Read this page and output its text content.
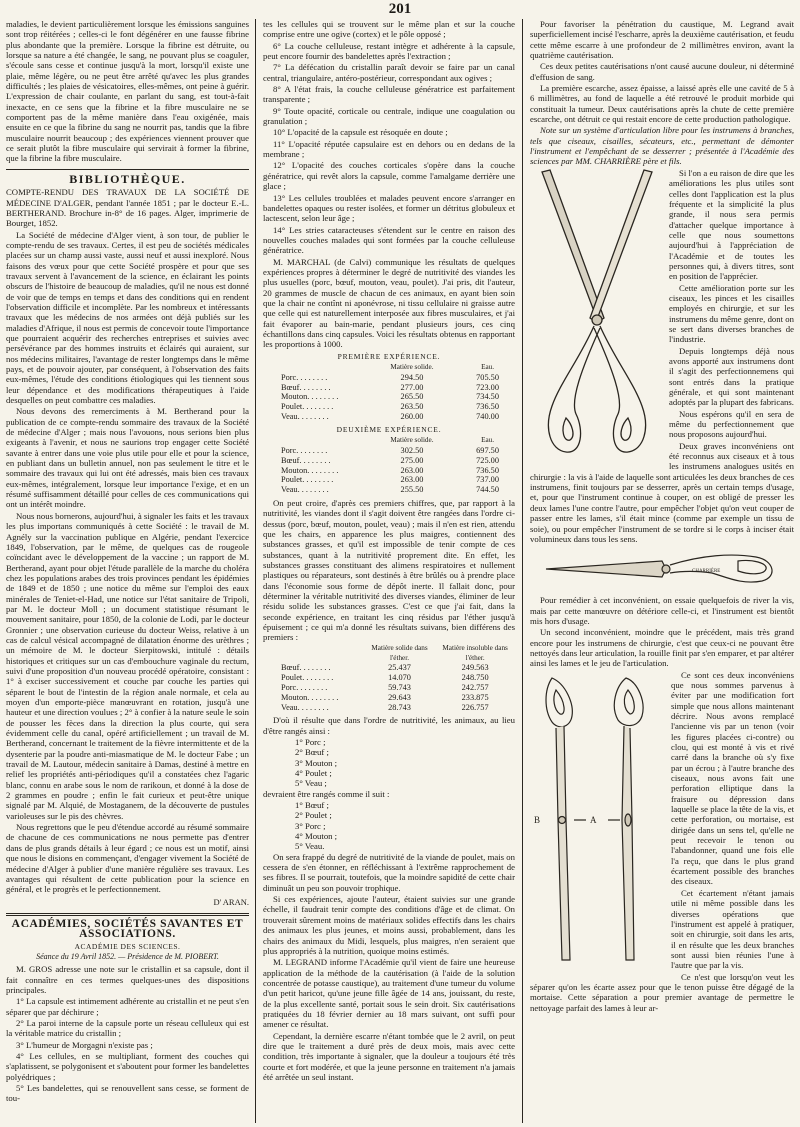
201

maladies, le devient particulièrement lorsque les émissions sanguines sont trop réitérées ; celles-ci le font dégénérer en une fausse fibrine plus abondante que la première. Lorsque la fibrine est détruite, ou lorsque sa nature a été changée, le sang, ne pouvant plus se coaguler, s'écoule sans cesse et continue jusqu'à la mort, lorsqu'il existe une plaie, même légère, ou ne peut être arrêté qu'avec les plus grandes difficultés ; les plaies de vésicatoires, elles-mêmes, ont peine à guérir. L'expression de chair coulante, en parlant du sang, est tout-à-fait inexacte, en ce sens que la fibrine et la fibre musculaire ne se comportent pas de la même manière dans l'eau oxigénée, mais ensuite en ce que la fibrine du sang ne nourrit pas, tandis que la fibre musculaire nourrit beaucoup ; des expériences viennent prouver que ce serait plutôt la fibre musculaire qui servirait à former la fibrine, que la fibrine la fibre musculaire.

BIBLIOTHÈQUE.

COMPTE-RENDU DES TRAVAUX DE LA SOCIÉTÉ DE MÉDECINE D'ALGER, pendant l'année 1851 ; par le docteur E.-L. BERTHERAND. Brochure in-8° de 16 pages. Alger, imprimerie de Bourget, 1852.

La Société de médecine d'Alger vient, à son tour, de publier le compte-rendu de ses travaux. Certes, il est peu de sociétés médicales placées sur un champ aussi vaste, aussi neuf et aussi inexploré. Nous faisons des vœux pour que cette Société prospère et pour que ses travaux servent à l'avancement de la science, en éclairant les points obscurs de l'histoire de beaucoup de maladies, qu'il ne nous est donné de voir que de temps en temps et dans des conditions qui en rendent l'observation difficile et incomplète. Par les nombreux et intéressants travaux que les médecins de nos armées ont déjà publiés sur les maladies d'Afrique, il nous est permis de concevoir toute l'importance que pourraient acquérir des recherches entreprises et suivies avec persévérance par des hommes instruits et éclairés qui auraient, sur nos médecins militaires, l'avantage de rester longtemps dans le même pays, et de pouvoir ajouter, par conséquent, à l'observation des faits eux-mêmes, l'étude des conditions étiologiques qui les tiennent sous leur dépendance et des modifications thérapeutiques à l'aide desquelles on peut combattre ces maladies.

Nous devons des remerciments à M. Bertherand pour la publication de ce compte-rendu sommaire des travaux de la Société de médecine d'Alger ; mais nous l'avouons, nous serions bien plus exigeants à l'avenir, et nous ne saurions trop engager cette Société savante à entrer dans une voie plus utile pour elle et pour la science, en publiant dans un bulletin annuel, non pas seulement le titre et le sommaire des travaux qui lui ont été adressés, mais bien ces travaux eux-mêmes, intégralement, lorsque leur importance l'exige, et en un résumé suffisamment détaillé pour celles de ces communications qui ont un intérêt moindre.

Nous nous bornerons, aujourd'hui, à signaler les faits et les travaux les plus importans communiqués à cette Société : le travail de M. Agnély sur la vaccination publique en Algérie, pendant l'exercice 1849, l'observation, par le même, de quelques cas de rougeole coïncidant avec le développement de la vaccine ; un rapport de M. Bertherand, ayant pour objet l'étude parallèle de la marche du choléra chez les populations arabes des trois provinces pendant les épidémies de 1849 et de 1850 ; une notice du même sur l'emploi des eaux minérales de Teniet-el-Had, une notice sur l'état sanitaire de Tripoli, par M. le docteur Moll ; un document statistique résumant le mouvement sanitaire, pour 1850, de la colonie de Lodi, par le docteur Gronnier ; une observation curieuse du docteur Weiss, relative à un cas de calcul vésical accompagné de dilatation énorme des urèthres ; un mémoire de M. le docteur Sierpitowski, intitulé : détails historiques et critiques sur un cas d'embouchure vaginale du rectum, suivi d'une proposition d'un nouveau procédé opératoire, consistant : 1° à exciser successivement et couche par couche les parties qui séparent le bout de l'intestin de la région anale normale, et cela au moyen d'un emporte-pièce manœuvrant en rotation, jusqu'à une hauteur et une direction voulues ; 2° à confier à la nature seule le soin de pousser les fèces dans la direction la plus courte, qui sera évidemment celle du canal, opéré artificiellement ; un travail de M. Bertherand, concernant le traitement de la fièvre intermittente et de la dysenterie par la poudre anti-miasmatique de M. le docteur Fabe ; un travail de M. Lautour, médecin sanitaire à Damas, destiné à mettre en relief les propriétés anti-périodiques qu'il a constatées chez l'agaric blanc, connu en arabe sous le nom de rarikoun, et donné à la dose de 2 grammes en poudre ; enfin le fait curieux et peut-être unique signalé par M. Alquié, de Mostaganem, de la découverte de pustules varioleuses sur le pis des chèvres.

Nous regrettons que le peu d'étendue accordé au résumé sommaire de chacune de ces communications ne nous permette pas d'entrer dans de plus grands détails à leur égard ; ce nous est un motif, ainsi que nous le disions en commençant, d'engager vivement la Société de médecine d'Alger à publier d'une manière régulière ses travaux. Les avantages qui résultent de cette publication pour la science en général, et le progrès et le perfectionnement.

D' ARAN.
ACADÉMIES, SOCIÉTÉS SAVANTES ET ASSOCIATIONS.
ACADÉMIE DES SCIENCES.
Séance du 19 Avril 1852. — Présidence de M. PIOBERT.

M. GROS adresse une note sur le cristallin et sa capsule, dont il fait connaître en ces termes quelques-unes des dispositions principales.

1° La capsule est intimement adhérente au cristallin et ne peut s'en séparer que par déchirure ;

2° La paroi interne de la capsule porte un réseau celluleux qui est la véritable matrice du cristallin ;

3° L'humeur de Morgagni n'existe pas ;

4° Les cellules, en se multipliant, forment des couches qui s'aplatissent, se polygonisent et s'aboutent pour former les bandelettes polyédriques ;

5° Les bandelettes, qui se renouvellent sans cesse, se forment de tou-

tes les cellules qui se trouvent sur le même plan et sur la couche comprise entre une ogive (cortex) et le pôle opposé ;

6° La couche celluleuse, restant intègre et adhérente à la capsule, peut encore fournir des bandelettes après l'extraction ;

7° La défécation du cristallin paraît devoir se faire par un canal central, triangulaire, antéro-postérieur, correspondant aux ogives ;

8° A l'état frais, la couche celluleuse génératrice est parfaitement transparente ;

9° Toute opacité, corticale ou centrale, indique une coagulation ou granulation ;

10° L'opacité de la capsule est résoquée en doute ;

11° L'opacité réputée capsulaire est en dehors ou en dedans de la membrane ;

12° L'opacité des couches corticales s'opère dans la couche génératrice, qui revêt alors la capsule, comme l'amalgame derrière une glace ;

13° Les cellules troublées et malades peuvent encore s'arranger en bandelettes opaques ou rester isolées, et former un détritus globuleux et lactescent, selon leur âge ;

14° Les stries cataracteuses s'étendent sur le centre en raison des nouvelles couches malades qui sont formées par la couche celluleuse génératrice.

M. MARCHAL (de Calvi) communique les résultats de quelques expériences propres à déterminer le degré de nutritivité des viandes les plus usuelles (porc, bœuf, mouton, veau, poulet). J'ai pris, dit l'auteur, 20 grammes de muscle de chacun de ces animaux, en ayant bien soin que la chair ne contînt ni aponévrose, ni tissu cellulaire ni graisse autre que celle qui est naturellement interposée aux fibres musculaires, et j'ai fait évaporer au bain-marie, pendant plusieurs jours, ces cinq échantillons dans cinq capsules. Voici les résultats obtenus en rapportant les proportions à 1000.

PREMIÈRE EXPÉRIENCE.
	Matière solide.	Eau.
Porc. . . . . . . .	294.50	705.50
Bœuf. . . . . . . .	277.00	723.00
Mouton. . . . . . . .	265.50	734.50
Poulet. . . . . . . .	263.50	736.50
Veau. . . . . . . .	260.00	740.00
DEUXIÈME EXPÉRIENCE.
	Matière solide.	Eau.
Porc. . . . . . . .	302.50	697.50
Bœuf. . . . . . . .	275.00	725.00
Mouton. . . . . . . .	263.00	736.50
Poulet. . . . . . . .	263.00	737.00
Veau. . . . . . . .	255.50	744.50

On peut croire, d'après ces premiers chiffres, que, par rapport à la nutritivité, les viandes dont il s'agit doivent être rangées dans l'ordre ci-dessus (porc, bœuf, mouton, poulet, veau) ; mais il n'en est rien, attendu que les chairs, en apparence les plus maigres, contiennent des substances grasses, et qu'il est impossible de tenir compte de ces substances, quant à la nutritivité proprement dite. En effet, les substances grasses constituant des alimens respiratoires et nullement plastiques ou réparateurs, sont destinés à être brûlés ou à prendre place dans l'économie sous forme de dépôt inerte. Il fallait donc, pour déterminer la véritable nutritivité des diverses viandes, éliminer de leur résidu solide les substances grasses. C'est ce que j'ai fait, dans la seconde expérience, en traitant les cinq résidus par l'éther jusqu'à épuisement ; ce qui m'a donné les résultats suivans, bien différens des premiers :

	Matière solide dans l'éther.	Matière insoluble dans l'éther.
Bœuf. . . . . . . .	25.437	249.563
Poulet. . . . . . . .	14.070	248.750
Porc. . . . . . . .	59.743	242.757
Mouton. . . . . . . .	29.643	233.875
Veau. . . . . . . .	28.743	226.757

D'où il résulte que dans l'ordre de nutritivité, les animaux, au lieu d'être rangés ainsi :

1° Porc ;
2° Bœuf ;
3° Mouton ;
4° Poulet ;
5° Veau ;

devraient être rangés comme il suit :

1° Bœuf ;
2° Poulet ;
3° Porc ;
4° Mouton ;
5° Veau.

On sera frappé du degré de nutritivité de la viande de poulet, mais on cessera de s'en étonner, en réfléchissant à l'extrême rapprochement de ses fibres. Il se pourrait, toutefois, que la moindre sapidité de cette chair diminuât un peu son pouvoir trophique.

Si ces expériences, ajoute l'auteur, étaient suivies sur une grande échelle, il faudrait tenir compte des conditions d'âge et de climat. On trouverait sûrement moins de matériaux solides effectifs dans les chairs des animaux les plus jeunes, et moins aussi, probablement, dans les chairs des animaux du Midi, lesquels, plus maigres, n'en seraient que plus appropriés à la nutrition, quoique moins estimés.

M. LEGRAND informe l'Académie qu'il vient de faire une heureuse application de la méthode de la cautérisation (à l'aide de la solution concentrée de potasse caustique), au traitement d'une tumeur du volume d'un petit haricot, qu'une jeune fille âgée de 14 ans, jouissant, du reste, de la plus excellente santé, portait sous le sein droit. Six cautérisations pratiquées du 18 février dernier au 18 mars suivant, ont suffi pour amener ce résultat.

Cependant, la dernière escarre n'étant tombée que le 2 avril, on peut dire que le traitement a duré près de deux mois, mais avec cette condition, très importante à signaler, que la douleur a toujours été très courte et fort modérée, et que la jeune personne en traitement n'a jamais été arrêtée un seul instant.

Pour favoriser la pénétration du caustique, M. Legrand avait superficiellement incisé l'escharre, après la deuxième cautérisation, et feudu cette même escarre à une profondeur de 2 millimètres environ, avant la quatrième cautérisation.

Ces deux petites cautérisations n'ont causé aucune douleur, ni déterminé d'effusion de sang.

La première escarche, assez épaisse, a laissé après elle une cavité de 5 à 6 millimètres, au fond de laquelle a été retrouvé le produit morbide qui constituait la tumeur. Deux cautérisations après la chute de cette première escarche, ont détruit ce qui restait encore de cette production pathologique.

Note sur un système d'articulation libre pour les instrumens à branches, tels que ciseaux, cisailles, sécateurs, etc., permettant de démonter l'instrument et l'empêchant de se desserrer ; présentée à l'Académie des sciences par MM. CHARRIÈRE père et fils.

Si l'on a eu raison de dire que les améliorations les plus utiles sont celles dont l'application est la plus fréquente et la simplicité la plus grande, il nous sera permis d'attacher quelque importance à celle que nous soumettons aujourd'hui à l'appréciation de l'Académie et de toutes les personnes qui, à divers titres, sont en position de l'apprécier.

Cette amélioration porte sur les ciseaux, les pinces et les cisailles employés en chirurgie, et sur les instrumens du même genre, dont on se sert dans diverses branches de l'industrie.

Depuis longtemps déjà nous avons apporté aux instrumens dont il s'agit des perfectionnemens qui sont entrés dans la pratique générale, et qui sont maintenant adoptés par la plupart des fabricans.

Nous espérons qu'il en sera de même du perfectionnement que nous proposons aujourd'hui.

Deux graves inconvéniens ont été reconnus aux ciseaux et à tous les instrumens analogues usités en chirurgie : la vis à l'aide de laquelle sont articulées les deux branches de ces instrumens, finit toujours par se desserrer, après un certain temps d'usage, et, pour que l'instrument continue à couper, on est obligé de presser les deux lames l'une contre l'autre, pour empêcher l'objet qu'on veut couper de passer entre les lames, s'il était mince (comme par exemple un tissu de soie), ou pour empêcher l'instrument de se tordre si le corps à inciser était volumineux dans tous les sens.

CHARRIÈRE

Pour remédier à cet inconvénient, on essaie quelquefois de river la vis, mais par cette manœuvre on détériore celle-ci, et l'instrument est bientôt mis hors d'usage.

Un second inconvénient, moindre que le précédent, mais très grand encore pour les instrumens de chirurgie, c'est que ceux-ci ne pouvant être nettoyés dans leur articulation, la rouille finit par s'en emparer, et par altérer ainsi les lames et le jeu de l'articulation.

B	A

Ce sont ces deux inconvéniens que nous sommes parvenus à éviter par une modification fort simple que nous allons maintenant décrire. Nous avons remplacé l'ancienne vis par un tenon (voir les figures placées ci-contre) ou clou, qui est monté à vis et rivé carré dans la branche où s'y fixe par un écrou ; à l'autre branche des ciseaux, nous avons fait une perforation elliptique dans la fraisure ou dépression dans laquelle se place la tête de la vis, et cette perforation, ou mortaise, est dirigée dans un sens tel, qu'elle ne peut recevoir le tenon ou l'abandonner, quand une fois elle l'a reçu, que dans le plus grand écartement possible des branches des ciseaux.

Cet écartement n'étant jamais utile ni même possible dans les diverses opérations que l'instrument est appelé à pratiquer, soit en chirurgie, soit dans les arts, il en résulte que les deux branches sont aussi bien réunies l'une à l'autre que par la vis.

Ce n'est que lorsqu'on veut les séparer qu'on les écarte assez pour que le tenon puisse être dégagé de la mortaise. Cette séparation a pour premier avantage de permettre le nettoyage parfait des lames à leur ar-
